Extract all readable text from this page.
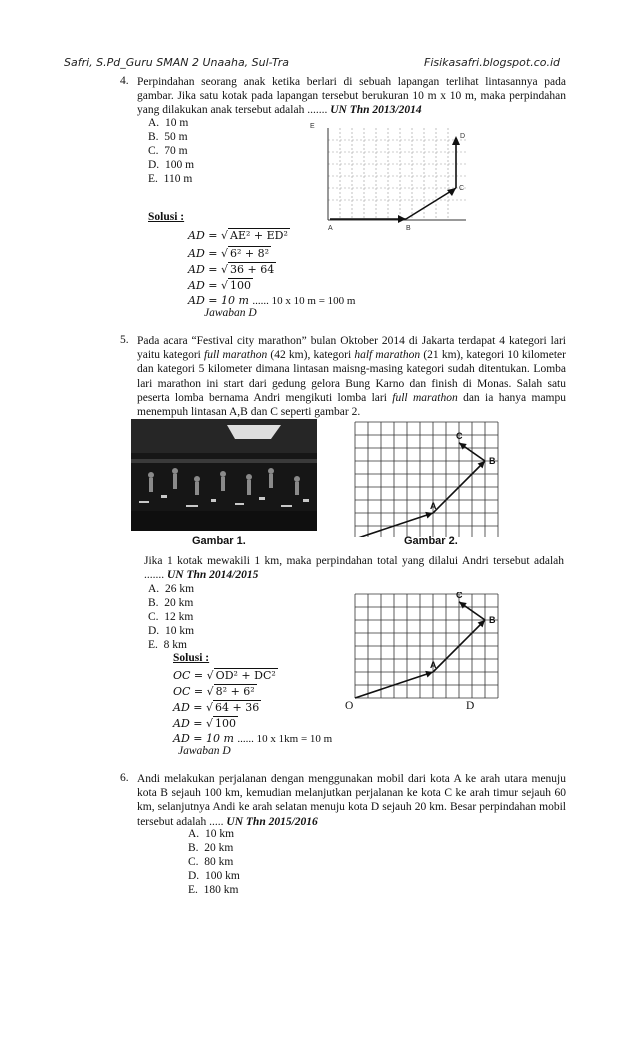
Safri, S.Pd_Guru SMAN 2 Unaaha, Sul-Tra	Fisikasafri.blogspot.co.id
4. Perpindahan seorang anak ketika berlari di sebuah lapangan terlihat lintasannya pada gambar. Jika satu kotak pada lapangan tersebut berukuran 10 m x 10 m, maka perpindahan yang dilakukan anak tersebut adalah ....... UN Thn 2013/2014
A. 10 m
B. 50 m
C. 70 m
D. 100 m
E. 110 m
E
D
C
A	B
Solusi :
AD = √ AE² + ED²
AD = √ 6² + 8²
AD = √ 36 + 64
AD = √ 100
AD = 10 m ...... 10 x 10 m = 100 m
Jawaban D
5. Pada acara “Festival city marathon” bulan Oktober 2014 di Jakarta terdapat 4 kategori lari yaitu kategori full marathon (42 km), kategori half marathon (21 km), kategori 10 kilometer dan kategori 5 kilometer dimana lintasan maisng-masing kategori sudah ditentukan. Lomba lari marathon ini start dari gedung gelora Bung Karno dan finish di Monas. Salah satu peserta lomba bernama Andri mengikuti lomba lari full marathon dan ia hanya mampu menempuh lintasan A,B dan C seperti gambar 2.
Gambar 1.
A
B
C
Gambar 2.
Jika 1 kotak mewakili 1 km, maka perpindahan total yang dilalui Andri tersebut adalah ....... UN Thn 2014/2015
A. 26 km
B. 20 km
C. 12 km
D. 10 km
E. 8 km
Solusi :
OC = √ OD² + DC²
OC = √ 8² + 6²
AD = √ 64 + 36
AD = √ 100
AD = 10 m ...... 10 x 1km = 10 m
Jawaban D
A
B
C
O	D
6. Andi melakukan perjalanan dengan menggunakan mobil dari kota A ke arah utara menuju kota B sejauh 100 km, kemudian melanjutkan perjalanan ke kota C ke arah timur sejauh 60 km, selanjutnya Andi ke arah selatan menuju kota D sejauh 20 km. Besar perpindahan mobil tersebut adalah ..... UN Thn 2015/2016
A. 10 km
B. 20 km
C. 80 km
D. 100 km
E. 180 km
